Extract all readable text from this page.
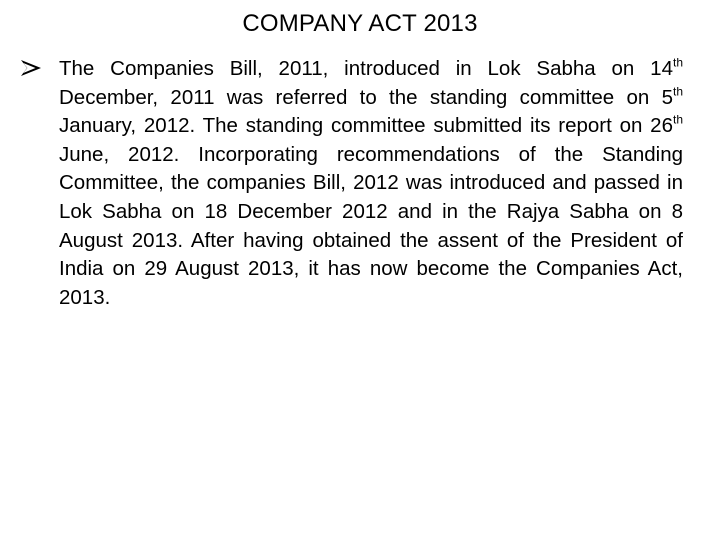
COMPANY ACT 2013
The Companies Bill, 2011, introduced in Lok Sabha on 14th December, 2011 was referred to the standing committee on 5th January, 2012. The standing committee submitted its report on 26th June, 2012. Incorporating recommendations of the Standing Committee, the companies Bill, 2012 was introduced and passed in Lok Sabha on 18 December 2012 and in the Rajya Sabha on 8 August 2013. After having obtained the assent of the President of India on 29 August 2013, it has now become the Companies Act, 2013.
